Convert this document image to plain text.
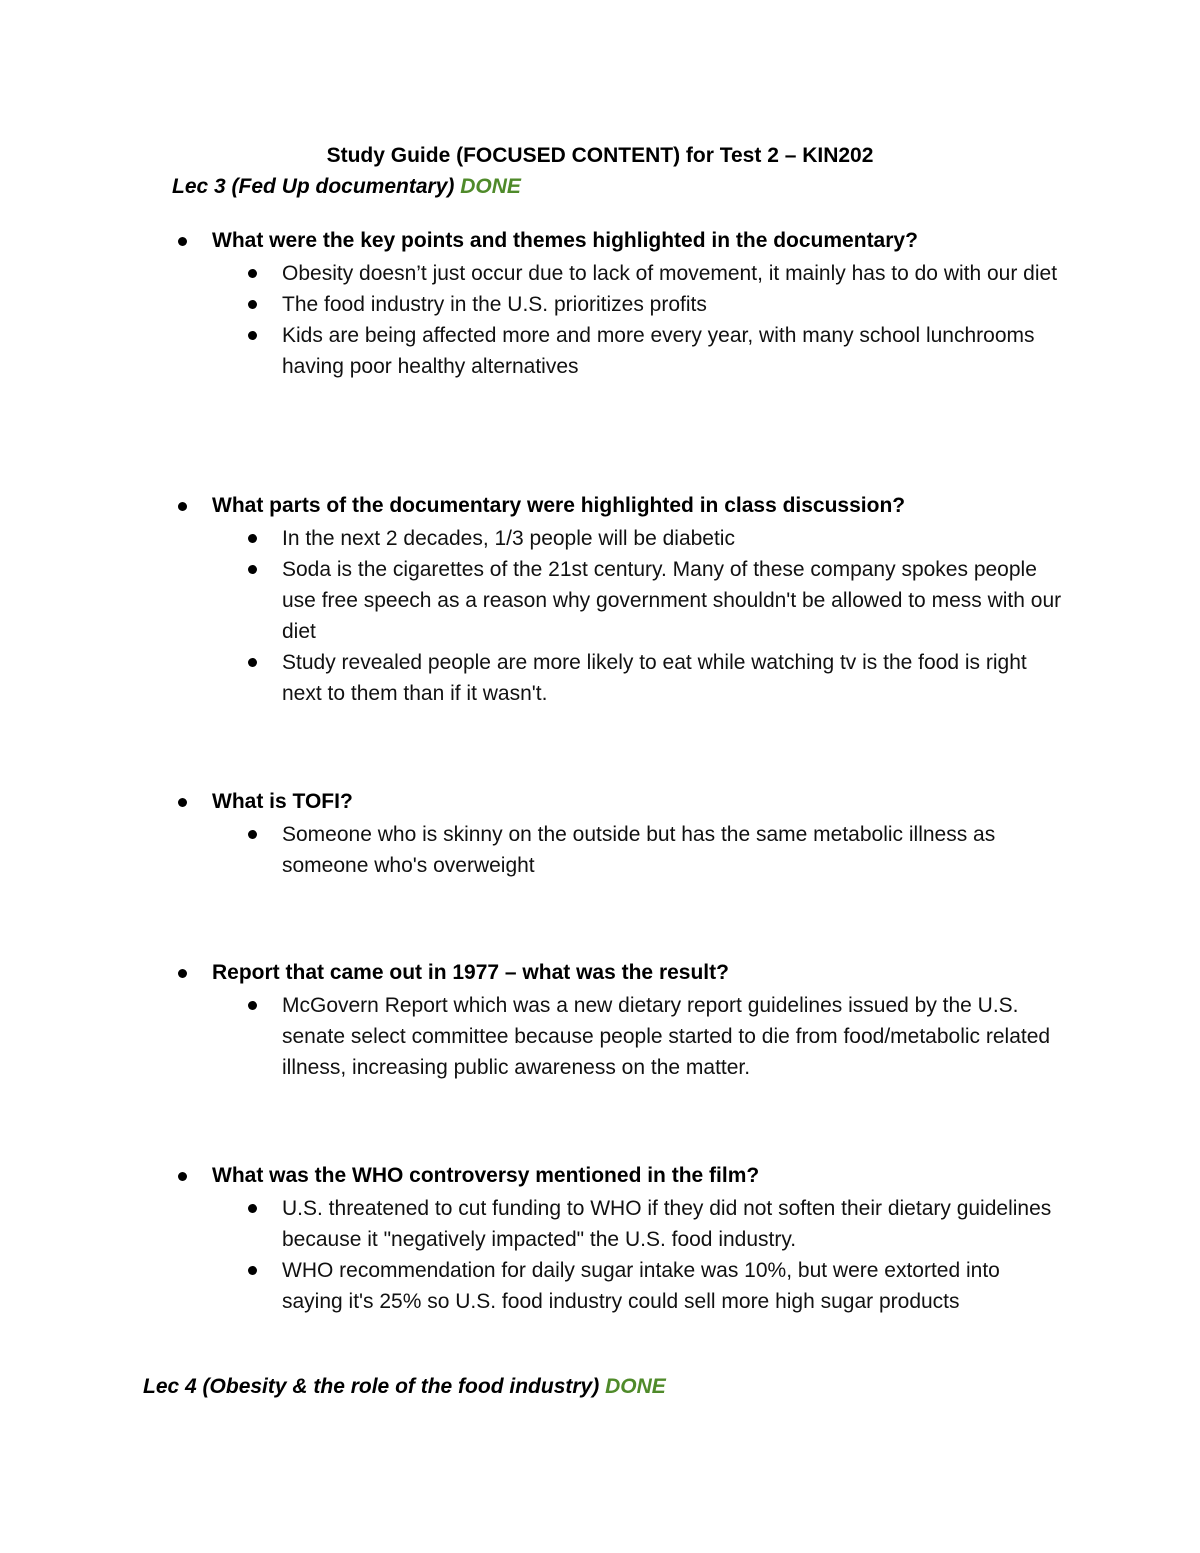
Study Guide (FOCUSED CONTENT) for Test 2 – KIN202
Lec 3 (Fed Up documentary) DONE
What were the key points and themes highlighted in the documentary?
Obesity doesn’t just occur due to lack of movement, it mainly has to do with our diet
The food industry in the U.S. prioritizes profits
Kids are being affected more and more every year, with many school lunchrooms having poor healthy alternatives
What parts of the documentary were highlighted in class discussion?
In the next 2 decades, 1/3 people will be diabetic
Soda is the cigarettes of the 21st century. Many of these company spokes people use free speech as a reason why government shouldn't be allowed to mess with our diet
Study revealed people are more likely to eat while watching tv is the food is right next to them than if it wasn't.
What is TOFI?
Someone who is skinny on the outside but has the same metabolic illness as someone who's overweight
Report that came out in 1977 – what was the result?
McGovern Report which was a new dietary report guidelines issued by the U.S. senate select committee because people started to die from food/metabolic related illness, increasing public awareness on the matter.
What was the WHO controversy mentioned in the film?
U.S. threatened to cut funding to WHO if they did not soften their dietary guidelines because it "negatively impacted" the U.S. food industry.
WHO recommendation for daily sugar intake was 10%, but were extorted into saying it's 25% so U.S. food industry could sell more high sugar products
Lec 4 (Obesity & the role of the food industry) DONE
